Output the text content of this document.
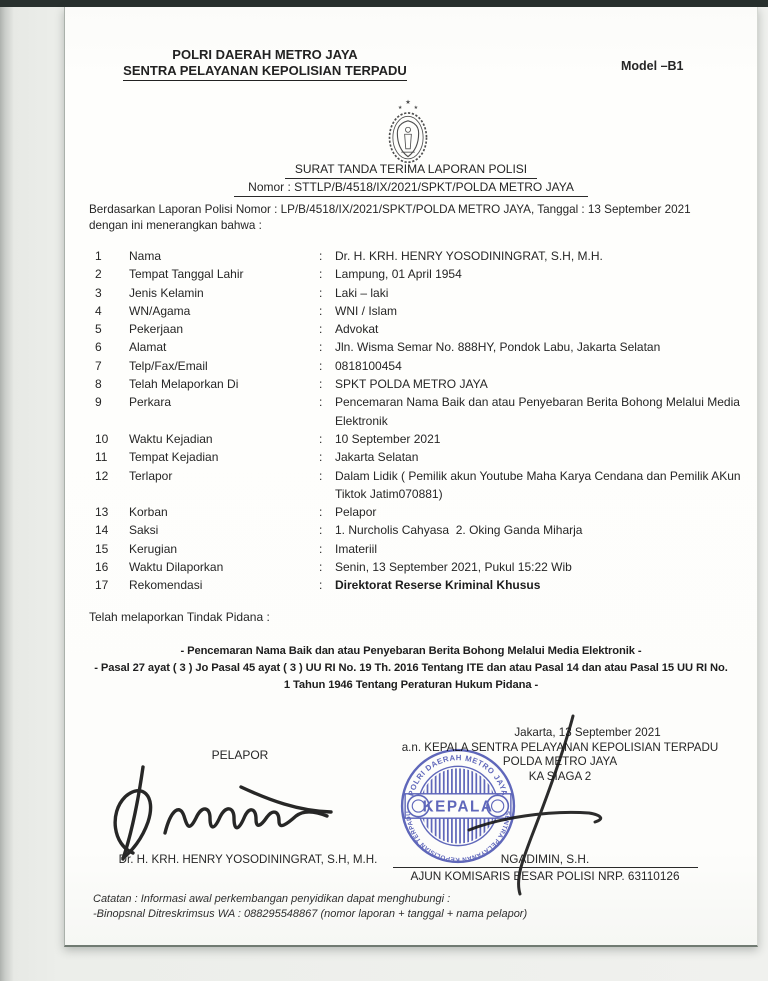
POLRI DAERAH METRO JAYA
SENTRA PELAYANAN KEPOLISIAN TERPADU	Model –B1
★
★ ★
SURAT TANDA TERIMA LAPORAN POLISI
Nomor : STTLP/B/4518/IX/2021/SPKT/POLDA METRO JAYA
Berdasarkan Laporan Polisi Nomor : LP/B/4518/IX/2021/SPKT/POLDA METRO JAYA, Tanggal : 13 September 2021
dengan ini menerangkan bahwa :
1	Nama	:	Dr. H. KRH. HENRY YOSODININGRAT, S.H, M.H.
2	Tempat Tanggal Lahir	:	Lampung, 01 April 1954
3	Jenis Kelamin	:	Laki – laki
4	WN/Agama	:	WNI / Islam
5	Pekerjaan	:	Advokat
6	Alamat	:	Jln. Wisma Semar No. 888HY, Pondok Labu, Jakarta Selatan
7	Telp/Fax/Email	:	0818100454
8	Telah Melaporkan Di	:	SPKT POLDA METRO JAYA
9	Perkara	:	Pencemaran Nama Baik dan atau Penyebaran Berita Bohong Melalui Media Elektronik
10	Waktu Kejadian	:	10 September 2021
11	Tempat Kejadian	:	Jakarta Selatan
12	Terlapor	:	Dalam Lidik ( Pemilik akun Youtube Maha Karya Cendana dan Pemilik AKun Tiktok Jatim070881)
13	Korban	:	Pelapor
14	Saksi	:	1. Nurcholis Cahyasa  2. Oking Ganda Miharja
15	Kerugian	:	Imateriil
16	Waktu Dilaporkan	:	Senin, 13 September 2021, Pukul 15:22 Wib
17	Rekomendasi	:	Direktorat Reserse Kriminal Khusus
Telah melaporkan Tindak Pidana :
- Pencemaran Nama Baik dan atau Penyebaran Berita Bohong Melalui Media Elektronik -
- Pasal 27 ayat ( 3 ) Jo Pasal 45 ayat ( 3 ) UU RI No. 19 Th. 2016 Tentang ITE dan atau Pasal 14 dan atau Pasal 15 UU RI No. 1 Tahun 1946 Tentang Peraturan Hukum Pidana -
PELAPOR
Dr. H. KRH. HENRY YOSODININGRAT, S.H, M.H.
Jakarta, 13 September 2021
a.n. KEPALA SENTRA PELAYANAN KEPOLISIAN TERPADU
POLDA METRO JAYA
KA SIAGA 2
KEPALA
POLRI DAERAH METRO JAYA
SENTRA PELAYANAN KEPOLISIAN TERPADU
NGADIMIN, S.H.
AJUN KOMISARIS BESAR POLISI NRP. 63110126
Catatan : Informasi awal perkembangan penyidikan dapat menghubungi :
-Binopsnal Ditreskrimsus WA : 088295548867 (nomor laporan + tanggal + nama pelapor)
